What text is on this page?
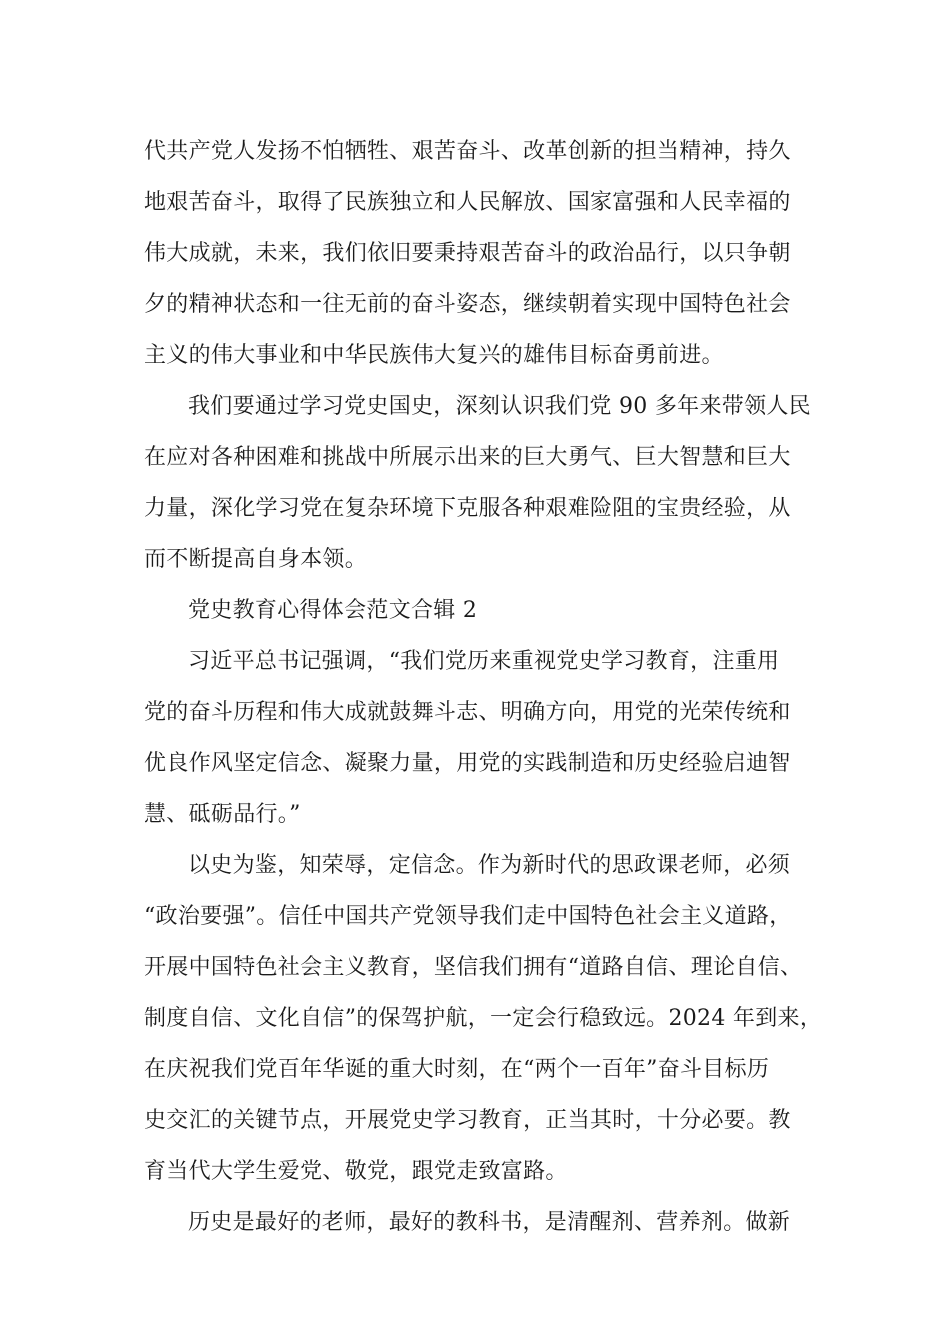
代共产党人发扬不怕牺牲、艰苦奋斗、改革创新的担当精神，持久
地艰苦奋斗，取得了民族独立和人民解放、国家富强和人民幸福的
伟大成就，未来，我们依旧要秉持艰苦奋斗的政治品行，以只争朝
夕的精神状态和一往无前的奋斗姿态，继续朝着实现中国特色社会
主义的伟大事业和中华民族伟大复兴的雄伟目标奋勇前进。
我们要通过学习党史国史，深刻认识我们党 90 多年来带领人民
在应对各种困难和挑战中所展示出来的巨大勇气、巨大智慧和巨大
力量，深化学习党在复杂环境下克服各种艰难险阻的宝贵经验，从
而不断提高自身本领。
党史教育心得体会范文合辑 2
习近平总书记强调，“我们党历来重视党史学习教育，注重用
党的奋斗历程和伟大成就鼓舞斗志、明确方向，用党的光荣传统和
优良作风坚定信念、凝聚力量，用党的实践制造和历史经验启迪智
慧、砥砺品行。”
以史为鉴，知荣辱，定信念。作为新时代的思政课老师，必须
“政治要强”。信任中国共产党领导我们走中国特色社会主义道路，
开展中国特色社会主义教育，坚信我们拥有“道路自信、理论自信、
制度自信、文化自信”的保驾护航，一定会行稳致远。2024 年到来，
在庆祝我们党百年华诞的重大时刻，在“两个一百年”奋斗目标历
史交汇的关键节点，开展党史学习教育，正当其时，十分必要。教
育当代大学生爱党、敬党，跟党走致富路。
历史是最好的老师，最好的教科书，是清醒剂、营养剂。做新
